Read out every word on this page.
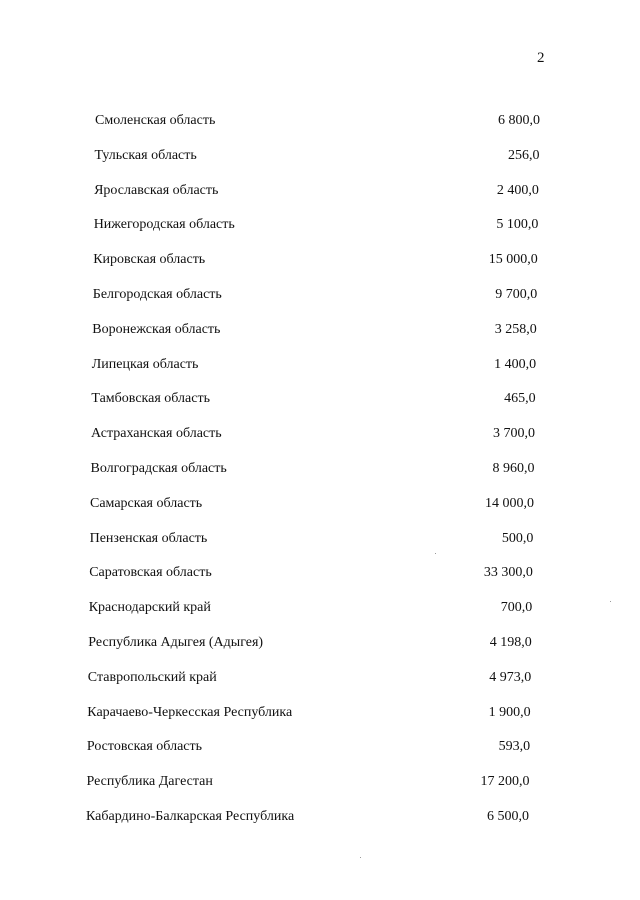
2
Смоленская область	6 800,0
Тульская область	256,0
Ярославская область	2 400,0
Нижегородская область	5 100,0
Кировская область	15 000,0
Белгородская область	9 700,0
Воронежская область	3 258,0
Липецкая область	1 400,0
Тамбовская область	465,0
Астраханская область	3 700,0
Волгоградская область	8 960,0
Самарская область	14 000,0
Пензенская область	500,0
Саратовская область	33 300,0
Краснодарский край	700,0
Республика Адыгея (Адыгея)	4 198,0
Ставропольский край	4 973,0
Карачаево-Черкесская Республика	1 900,0
Ростовская область	593,0
Республика Дагестан	17 200,0
Кабардино-Балкарская Республика	6 500,0
